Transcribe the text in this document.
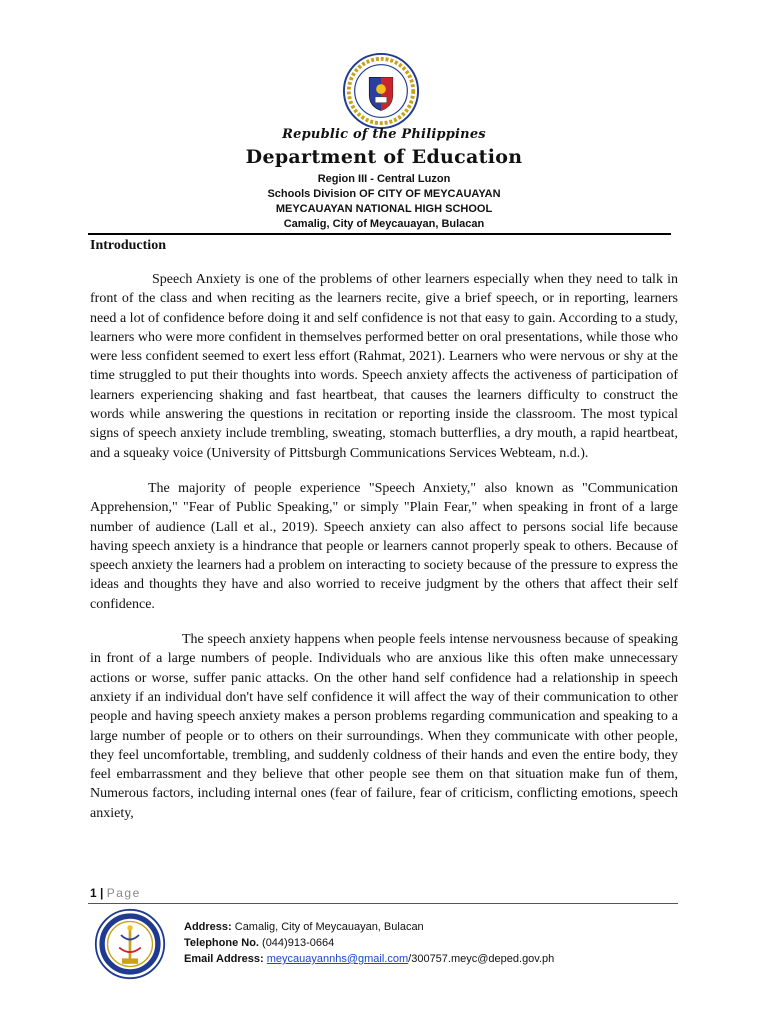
Republic of the Philippines
Department of Education
Region III - Central Luzon
Schools Division OF CITY OF MEYCAUAYAN
MEYCAUAYAN NATIONAL HIGH SCHOOL
Camalig, City of Meycauayan, Bulacan
Introduction

Speech Anxiety is one of the problems of other learners especially when they need to talk in front of the class and when reciting as the learners recite, give a brief speech, or in reporting, learners need a lot of confidence before doing it and self confidence is not that easy to gain. According to a study, learners who were more confident in themselves performed better on oral presentations, while those who were less confident seemed to exert less effort (Rahmat, 2021). Learners who were nervous or shy at the time struggled to put their thoughts into words. Speech anxiety affects the activeness of participation of learners experiencing shaking and fast heartbeat, that causes the learners difficulty to construct the words while answering the questions in recitation or reporting inside the classroom. The most typical signs of speech anxiety include trembling, sweating, stomach butterflies, a dry mouth, a rapid heartbeat, and a squeaky voice (University of Pittsburgh Communications Services Webteam, n.d.).

The majority of people experience "Speech Anxiety," also known as "Communication Apprehension," "Fear of Public Speaking," or simply "Plain Fear," when speaking in front of a large number of audience (Lall et al., 2019). Speech anxiety can also affect to persons social life because having speech anxiety is a hindrance that people or learners cannot properly speak to others. Because of speech anxiety the learners had a problem on interacting to society because of the pressure to express the ideas and thoughts they have and also worried to receive judgment by the others that affect their self confidence.

The speech anxiety happens when people feels intense nervousness because of speaking in front of a large numbers of people. Individuals who are anxious like this often make unnecessary actions or worse, suffer panic attacks. On the other hand self confidence had a relationship in speech anxiety if an individual don't have self confidence it will affect the way of their communication to other people and having speech anxiety makes a person problems regarding communication and speaking to a large number of people or to others on their surroundings. When they communicate with other people, they feel uncomfortable, trembling, and suddenly coldness of their hands and even the entire body, they feel embarrassment and they believe that other people see them on that situation make fun of them, Numerous factors, including internal ones (fear of failure, fear of criticism, conflicting emotions, speech anxiety,

1 | Page
Address: Camalig, City of Meycauayan, Bulacan
Telephone No. (044)913-0664
Email Address: meycauayannhs@gmail.com/300757.meyc@deped.gov.ph
